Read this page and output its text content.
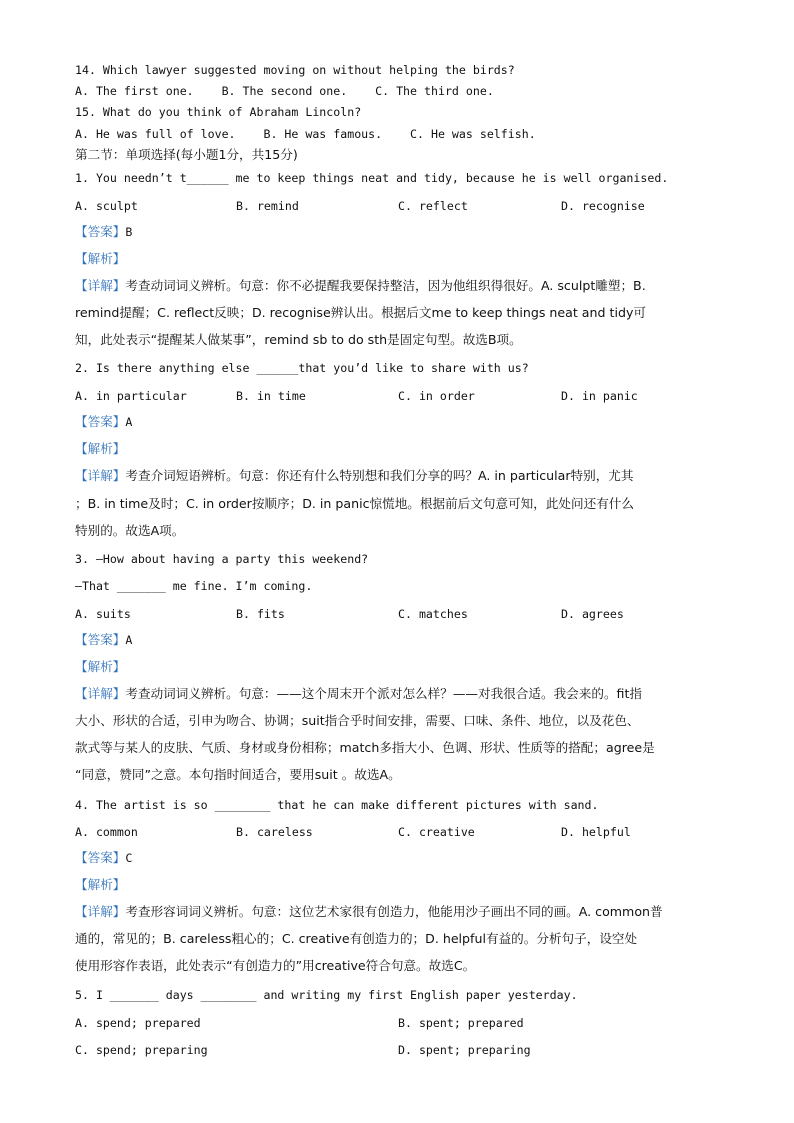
14. Which lawyer suggested moving on without helping the birds?
A. The first one.    B. The second one.    C. The third one.
15. What do you think of Abraham Lincoln?
A. He was full of love.    B. He was famous.    C. He was selfish.
第二节：单项选择(每小题1分，共15分)
1. You needn’t t______ me to keep things neat and tidy, because he is well organised.
A. sculpt	B. remind	C. reflect	D. recognise
【答案】B
【解析】
【详解】考查动词词义辨析。句意：你不必提醒我要保持整洁，因为他组织得很好。A. sculpt雕塑；B.
remind提醒；C. reflect反映；D. recognise辨认出。根据后文me to keep things neat and tidy可
知，此处表示“提醒某人做某事”，remind sb to do sth是固定句型。故选B项。
2. Is there anything else ______that you’d like to share with us?
A. in particular	B. in time	C. in order	D. in panic
【答案】A
【解析】
【详解】考查介词短语辨析。句意：你还有什么特别想和我们分享的吗？A. in particular特别，尤其
；B. in time及时；C. in order按顺序；D. in panic惊慌地。根据前后文句意可知，此处问还有什么
特别的。故选A项。
3. —How about having a party this weekend?
—That _______ me fine. I’m coming.
A. suits	B. fits	C. matches	D. agrees
【答案】A
【解析】
【详解】考查动词词义辨析。句意：——这个周末开个派对怎么样？——对我很合适。我会来的。fit指
大小、形状的合适，引申为吻合、协调；suit指合乎时间安排，需要、口味、条件、地位，以及花色、
款式等与某人的皮肤、气质、身材或身份相称；match多指大小、色调、形状、性质等的搭配；agree是
“同意，赞同”之意。本句指时间适合，要用suit 。故选A。
4. The artist is so ________ that he can make different pictures with sand.
A. common	B. careless	C. creative	D. helpful
【答案】C
【解析】
【详解】考查形容词词义辨析。句意：这位艺术家很有创造力，他能用沙子画出不同的画。A. common普
通的，常见的；B. careless粗心的；C. creative有创造力的；D. helpful有益的。分析句子，设空处
使用形容作表语，此处表示“有创造力的”用creative符合句意。故选C。
5. I _______ days ________ and writing my first English paper yesterday.
A. spend; prepared	B. spent; prepared
C. spend; preparing	D. spent; preparing
